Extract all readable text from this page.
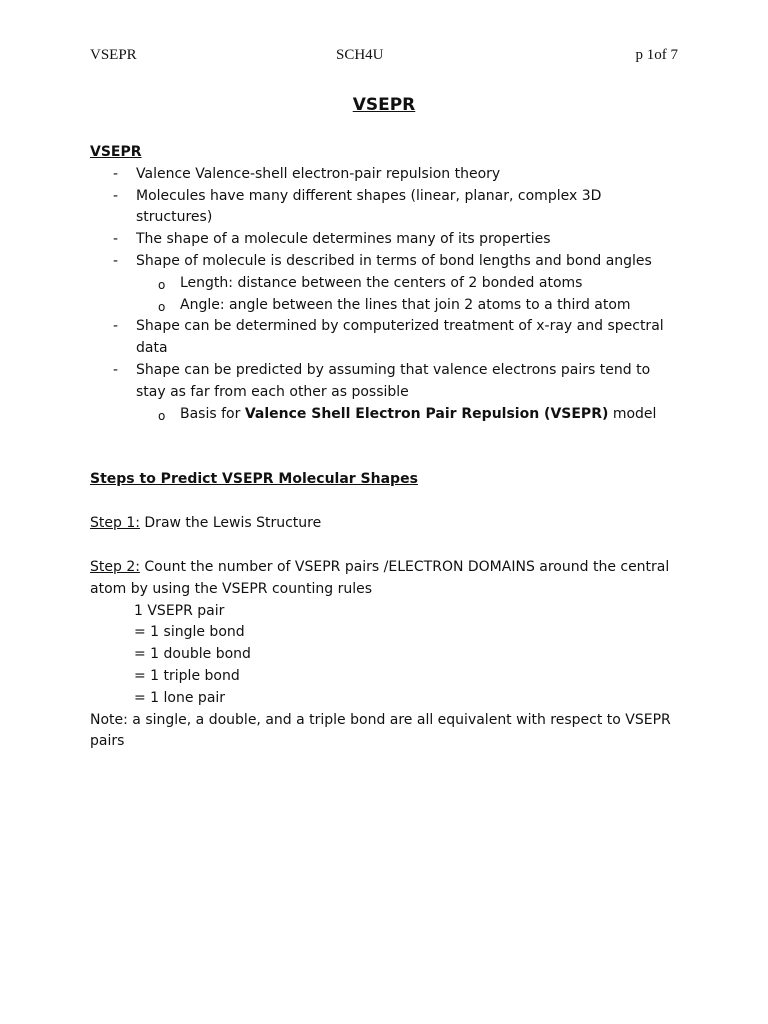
VSEPR	SCH4U	p 1of 7
VSEPR
VSEPR
- Valence Valence-shell electron-pair repulsion theory
- Molecules have many different shapes (linear, planar, complex 3D structures)
- The shape of a molecule determines many of its properties
- Shape of molecule is described in terms of bond lengths and bond angles
o Length: distance between the centers of 2 bonded atoms
o Angle: angle between the lines that join 2 atoms to a third atom
- Shape can be determined by computerized treatment of x-ray and spectral data
- Shape can be predicted by assuming that valence electrons pairs tend to stay as far from each other as possible
o Basis for Valence Shell Electron Pair Repulsion (VSEPR) model
Steps to Predict VSEPR Molecular Shapes
Step 1: Draw the Lewis Structure
Step 2: Count the number of VSEPR pairs /ELECTRON DOMAINS around the central atom by using the VSEPR counting rules
1 VSEPR pair
= 1 single bond
= 1 double bond
= 1 triple bond
= 1 lone pair
Note: a single, a double, and a triple bond are all equivalent with respect to VSEPR pairs
